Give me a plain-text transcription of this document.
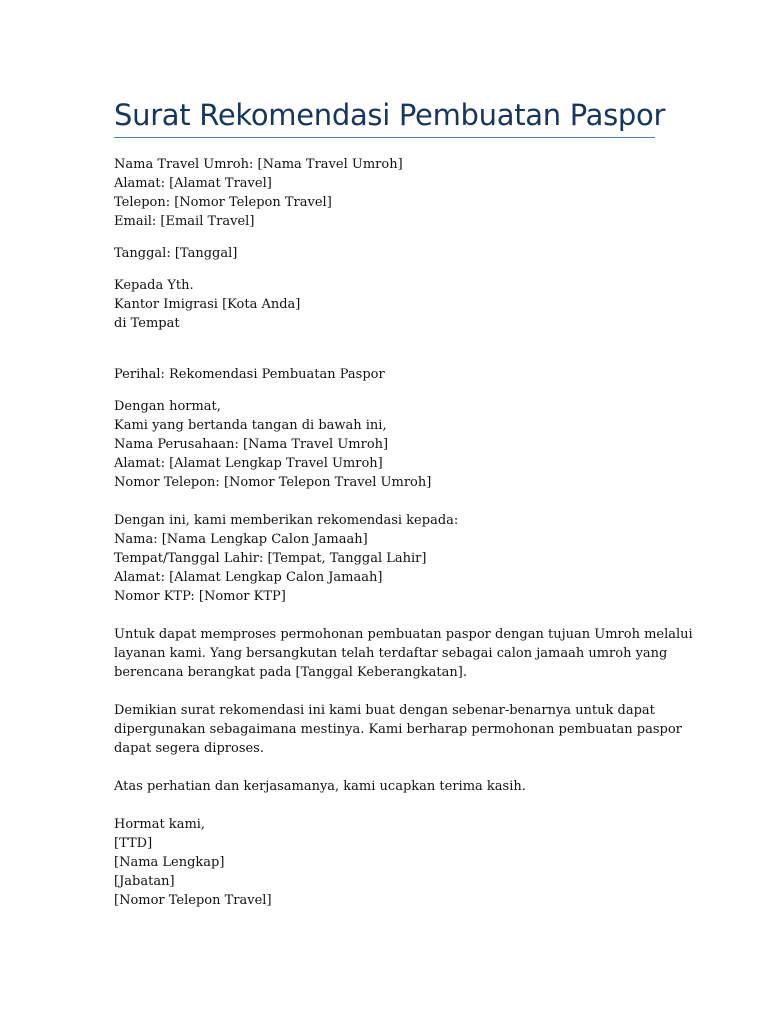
Surat Rekomendasi Pembuatan Paspor
Nama Travel Umroh: [Nama Travel Umroh]
Alamat: [Alamat Travel]
Telepon: [Nomor Telepon Travel]
Email: [Email Travel]
Tanggal: [Tanggal]
Kepada Yth.
Kantor Imigrasi [Kota Anda]
di Tempat
Perihal: Rekomendasi Pembuatan Paspor
Dengan hormat,
Kami yang bertanda tangan di bawah ini,
Nama Perusahaan: [Nama Travel Umroh]
Alamat: [Alamat Lengkap Travel Umroh]
Nomor Telepon: [Nomor Telepon Travel Umroh]
Dengan ini, kami memberikan rekomendasi kepada:
Nama: [Nama Lengkap Calon Jamaah]
Tempat/Tanggal Lahir: [Tempat, Tanggal Lahir]
Alamat: [Alamat Lengkap Calon Jamaah]
Nomor KTP: [Nomor KTP]
Untuk dapat memproses permohonan pembuatan paspor dengan tujuan Umroh melalui
layanan kami. Yang bersangkutan telah terdaftar sebagai calon jamaah umroh yang
berencana berangkat pada [Tanggal Keberangkatan].
Demikian surat rekomendasi ini kami buat dengan sebenar-benarnya untuk dapat
dipergunakan sebagaimana mestinya. Kami berharap permohonan pembuatan paspor
dapat segera diproses.
Atas perhatian dan kerjasamanya, kami ucapkan terima kasih.
Hormat kami,
[TTD]
[Nama Lengkap]
[Jabatan]
[Nomor Telepon Travel]
